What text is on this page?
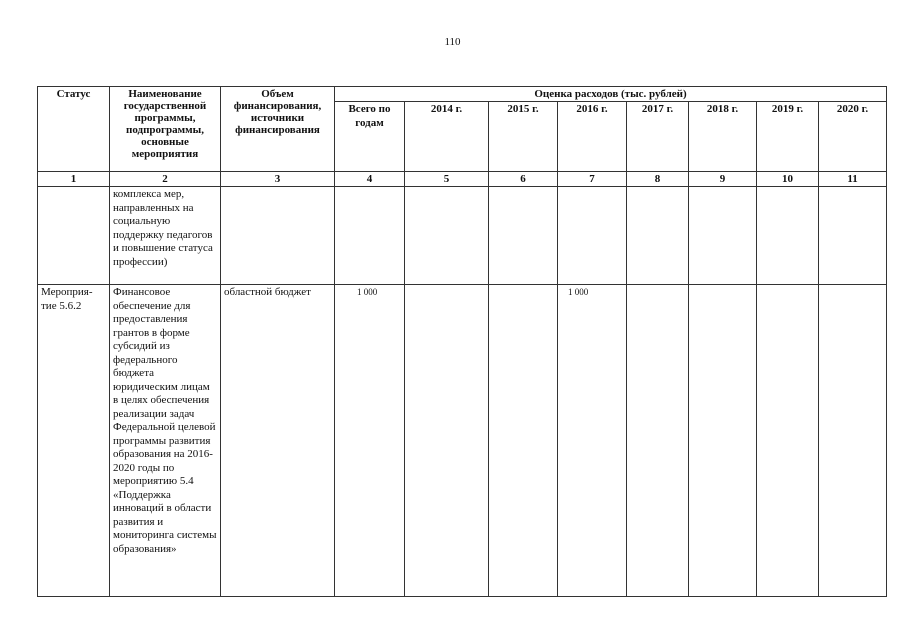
110
Статус	Наименование государственной программы, подпрограммы, основные мероприятия	Объем финансирования, источники финансирования	Оценка расходов (тыс. рублей)							
			Всего по годам	2014 г.	2015 г.	2016 г.	2017 г.	2018 г.	2019 г.	2020 г.
1	2	3	4	5	6	7	8	9	10	11
	комплекса мер, направленных на социальную поддержку педагогов и повышение статуса профессии)									
Мероприя-тие 5.6.2	Финансовое обеспечение для предоставления грантов в форме субсидий из федерального бюджета юридическим лицам в целях обеспечения реализации задач Федеральной целевой программы развития образования на 2016-2020 годы по мероприятию 5.4 «Поддержка инноваций в области развития и мониторинга системы образования»	областной бюджет	1 000			1 000				
